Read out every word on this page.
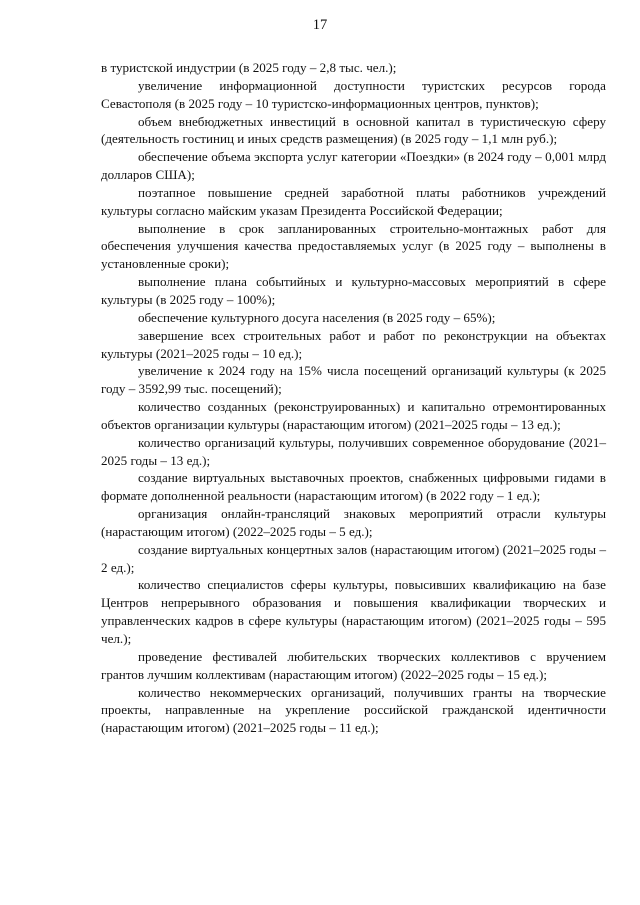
17

в туристской индустрии (в 2025 году – 2,8 тыс. чел.);

увеличение информационной доступности туристских ресурсов города Севастополя (в 2025 году – 10 туристско-информационных центров, пунктов);

объем внебюджетных инвестиций в основной капитал в туристическую сферу (деятельность гостиниц и иных средств размещения) (в 2025 году – 1,1 млн руб.);

обеспечение объема экспорта услуг категории «Поездки» (в 2024 году – 0,001 млрд долларов США);

поэтапное повышение средней заработной платы работников учреждений культуры согласно майским указам Президента Российской Федерации;

выполнение в срок запланированных строительно-монтажных работ для обеспечения улучшения качества предоставляемых услуг (в 2025 году – выполнены в установленные сроки);

выполнение плана событийных и культурно-массовых мероприятий в сфере культуры (в 2025 году – 100%);

обеспечение культурного досуга населения (в 2025 году – 65%);

завершение всех строительных работ и работ по реконструкции на объектах культуры (2021–2025 годы – 10 ед.);

увеличение к 2024 году на 15% числа посещений организаций культуры (к 2025 году – 3592,99 тыс. посещений);

количество созданных (реконструированных) и капитально отремонтированных объектов организации культуры (нарастающим итогом) (2021–2025 годы – 13 ед.);

количество организаций культуры, получивших современное оборудование (2021–2025 годы – 13 ед.);

создание виртуальных выставочных проектов, снабженных цифровыми гидами в формате дополненной реальности (нарастающим итогом) (в 2022 году – 1 ед.);

организация онлайн-трансляций знаковых мероприятий отрасли культуры (нарастающим итогом) (2022–2025 годы – 5 ед.);

создание виртуальных концертных залов (нарастающим итогом) (2021–2025 годы – 2 ед.);

количество специалистов сферы культуры, повысивших квалификацию на базе Центров непрерывного образования и повышения квалификации творческих и управленческих кадров в сфере культуры (нарастающим итогом) (2021–2025 годы – 595 чел.);

проведение фестивалей любительских творческих коллективов с вручением грантов лучшим коллективам (нарастающим итогом) (2022–2025 годы – 15 ед.);

количество некоммерческих организаций, получивших гранты на творческие проекты, направленные на укрепление российской гражданской идентичности (нарастающим итогом) (2021–2025 годы – 11 ед.);
